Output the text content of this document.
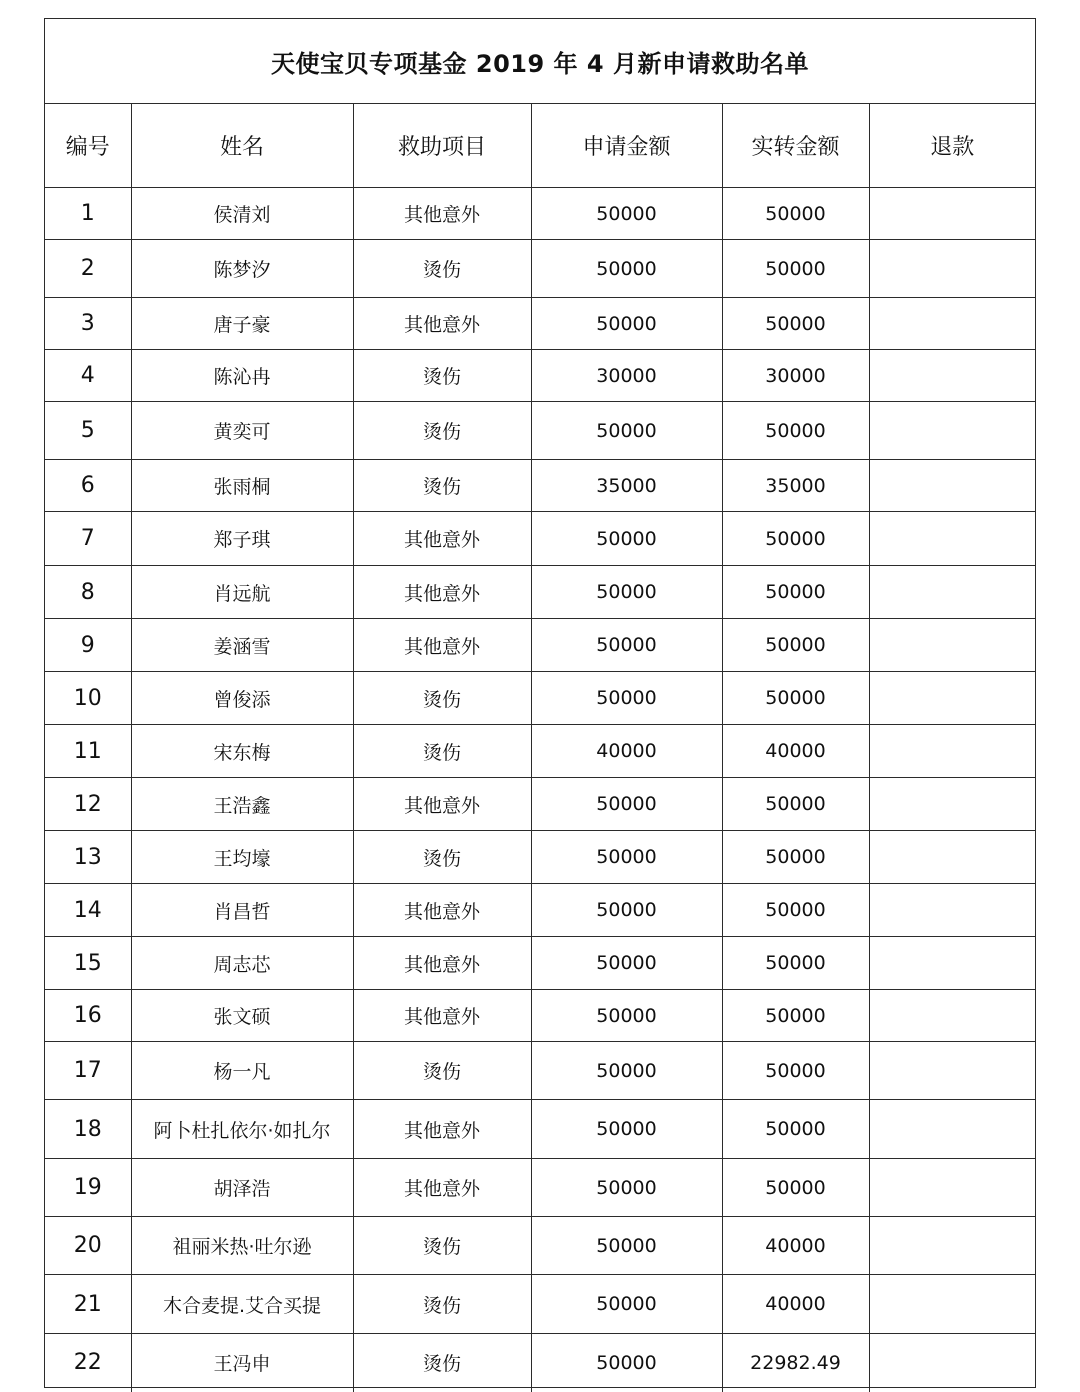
天使宝贝专项基金 2019 年 4 月新申请救助名单
编号	姓名	救助项目	申请金额	实转金额	退款
1	侯清刘	其他意外	50000	50000	
2	陈梦汐	烫伤	50000	50000	
3	唐子豪	其他意外	50000	50000	
4	陈沁冉	烫伤	30000	30000	
5	黄奕可	烫伤	50000	50000	
6	张雨桐	烫伤	35000	35000	
7	郑子琪	其他意外	50000	50000	
8	肖远航	其他意外	50000	50000	
9	姜涵雪	其他意外	50000	50000	
10	曾俊添	烫伤	50000	50000	
11	宋东梅	烫伤	40000	40000	
12	王浩鑫	其他意外	50000	50000	
13	王均壕	烫伤	50000	50000	
14	肖昌哲	其他意外	50000	50000	
15	周志芯	其他意外	50000	50000	
16	张文硕	其他意外	50000	50000	
17	杨一凡	烫伤	50000	50000	
18	阿卜杜扎依尔·如扎尔	其他意外	50000	50000	
19	胡泽浩	其他意外	50000	50000	
20	祖丽米热·吐尔逊	烫伤	50000	40000	
21	木合麦提.艾合买提	烫伤	50000	40000	
22	王冯申	烫伤	50000	22982.49	
